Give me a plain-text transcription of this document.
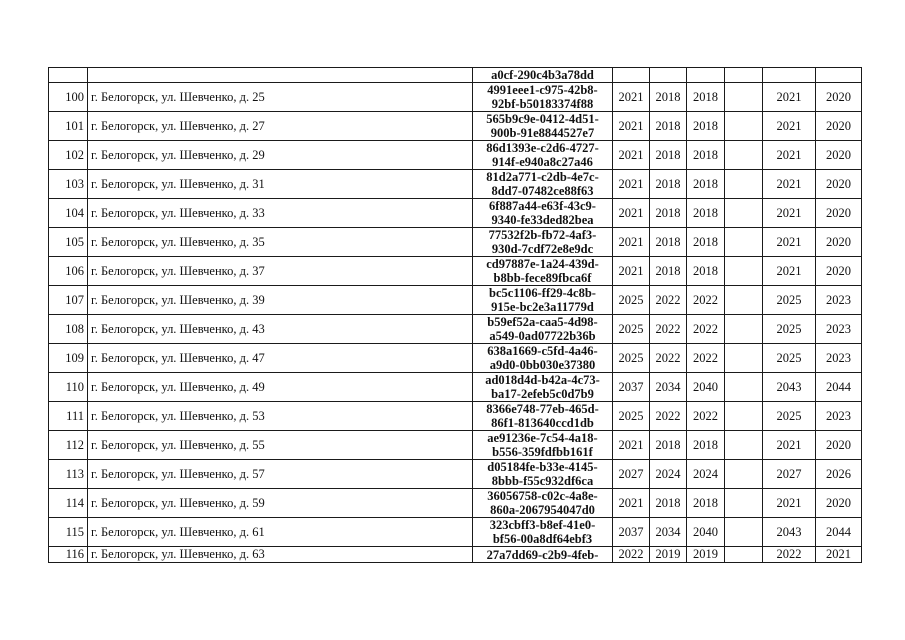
		a0cf-290c4b3a78dd						
100	г. Белогорск, ул. Шевченко, д. 25	4991eee1-c975-42b8-
92bf-b50183374f88	2021	2018	2018		2021	2020
101	г. Белогорск, ул. Шевченко, д. 27	565b9c9e-0412-4d51-
900b-91e8844527e7	2021	2018	2018		2021	2020
102	г. Белогорск, ул. Шевченко, д. 29	86d1393e-c2d6-4727-
914f-e940a8c27a46	2021	2018	2018		2021	2020
103	г. Белогорск, ул. Шевченко, д. 31	81d2a771-c2db-4e7c-
8dd7-07482ce88f63	2021	2018	2018		2021	2020
104	г. Белогорск, ул. Шевченко, д. 33	6f887a44-e63f-43c9-
9340-fe33ded82bea	2021	2018	2018		2021	2020
105	г. Белогорск, ул. Шевченко, д. 35	77532f2b-fb72-4af3-
930d-7cdf72e8e9dc	2021	2018	2018		2021	2020
106	г. Белогорск, ул. Шевченко, д. 37	cd97887e-1a24-439d-
b8bb-fece89fbca6f	2021	2018	2018		2021	2020
107	г. Белогорск, ул. Шевченко, д. 39	bc5c1106-ff29-4c8b-
915e-bc2e3a11779d	2025	2022	2022		2025	2023
108	г. Белогорск, ул. Шевченко, д. 43	b59ef52a-caa5-4d98-
a549-0ad07722b36b	2025	2022	2022		2025	2023
109	г. Белогорск, ул. Шевченко, д. 47	638a1669-c5fd-4a46-
a9d0-0bb030e37380	2025	2022	2022		2025	2023
110	г. Белогорск, ул. Шевченко, д. 49	ad018d4d-b42a-4c73-
ba17-2efeb5c0d7b9	2037	2034	2040		2043	2044
111	г. Белогорск, ул. Шевченко, д. 53	8366e748-77eb-465d-
86f1-813640ccd1db	2025	2022	2022		2025	2023
112	г. Белогорск, ул. Шевченко, д. 55	ae91236e-7c54-4a18-
b556-359fdfbb161f	2021	2018	2018		2021	2020
113	г. Белогорск, ул. Шевченко, д. 57	d05184fe-b33e-4145-
8bbb-f55c932df6ca	2027	2024	2024		2027	2026
114	г. Белогорск, ул. Шевченко, д. 59	36056758-c02c-4a8e-
860a-2067954047d0	2021	2018	2018		2021	2020
115	г. Белогорск, ул. Шевченко, д. 61	323cbff3-b8ef-41e0-
bf56-00a8df64ebf3	2037	2034	2040		2043	2044
116	г. Белогорск, ул. Шевченко, д. 63	27a7dd69-c2b9-4feb-	2022	2019	2019		2022	2021
